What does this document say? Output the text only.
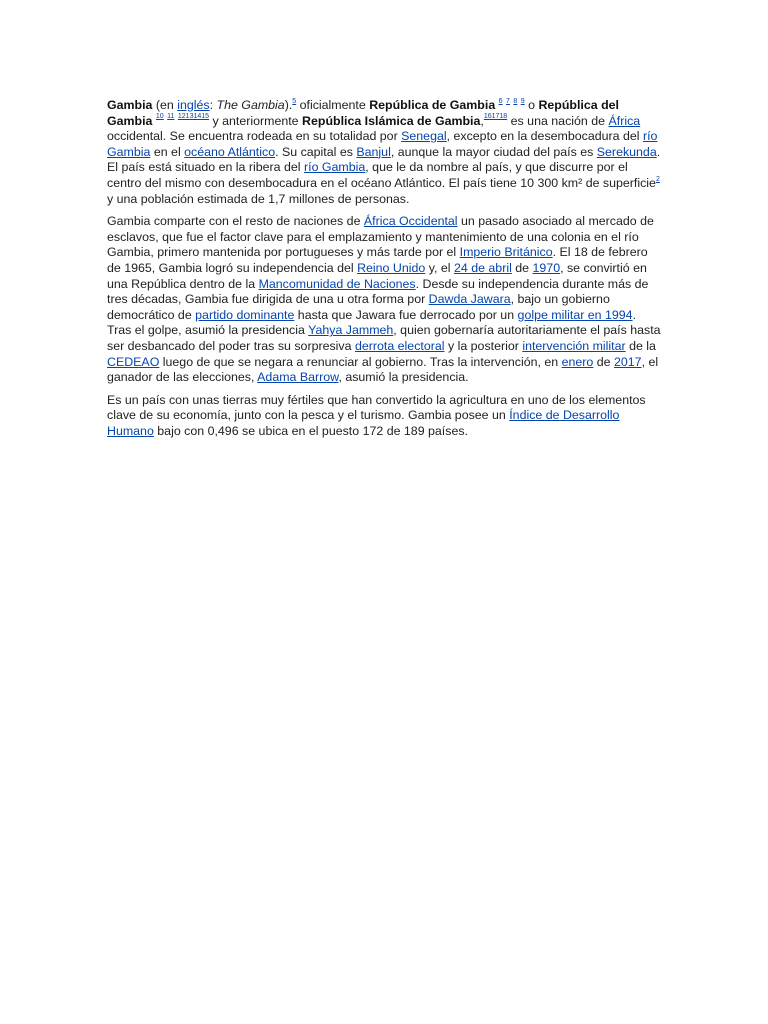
Gambia (en inglés: The Gambia).$^5$ oficialmente República de Gambia $^6$ $^7$ $^8$ $^9$ o República del Gambia $^{10}$ $^{11}$ $^{12131415}$ y anteriormente República Islámica de Gambia,$^{161718}$ es una nación de África occidental. Se encuentra rodeada en su totalidad por Senegal, excepto en la desembocadura del río Gambia en el océano Atlántico. Su capital es Banjul, aunque la mayor ciudad del país es Serekunda. El país está situado en la ribera del río Gambia, que le da nombre al país, y que discurre por el centro del mismo con desembocadura en el océano Atlántico. El país tiene 10 300 km² de superficie$^2$ y una población estimada de 1,7 millones de personas.

Gambia comparte con el resto de naciones de África Occidental un pasado asociado al mercado de esclavos, que fue el factor clave para el emplazamiento y mantenimiento de una colonia en el río Gambia, primero mantenida por portugueses y más tarde por el Imperio Británico. El 18 de febrero de 1965, Gambia logró su independencia del Reino Unido y, el 24 de abril de 1970, se convirtió en una República dentro de la Mancomunidad de Naciones. Desde su independencia durante más de tres décadas, Gambia fue dirigida de una u otra forma por Dawda Jawara, bajo un gobierno democrático de partido dominante hasta que Jawara fue derrocado por un golpe militar en 1994. Tras el golpe, asumió la presidencia Yahya Jammeh, quien gobernaría autoritariamente el país hasta ser desbancado del poder tras su sorpresiva derrota electoral y la posterior intervención militar de la CEDEAO luego de que se negara a renunciar al gobierno. Tras la intervención, en enero de 2017, el ganador de las elecciones, Adama Barrow, asumió la presidencia.

Es un país con unas tierras muy fértiles que han convertido la agricultura en uno de los elementos clave de su economía, junto con la pesca y el turismo. Gambia posee un Índice de Desarrollo Humano bajo con 0,496 se ubica en el puesto 172 de 189 países.
